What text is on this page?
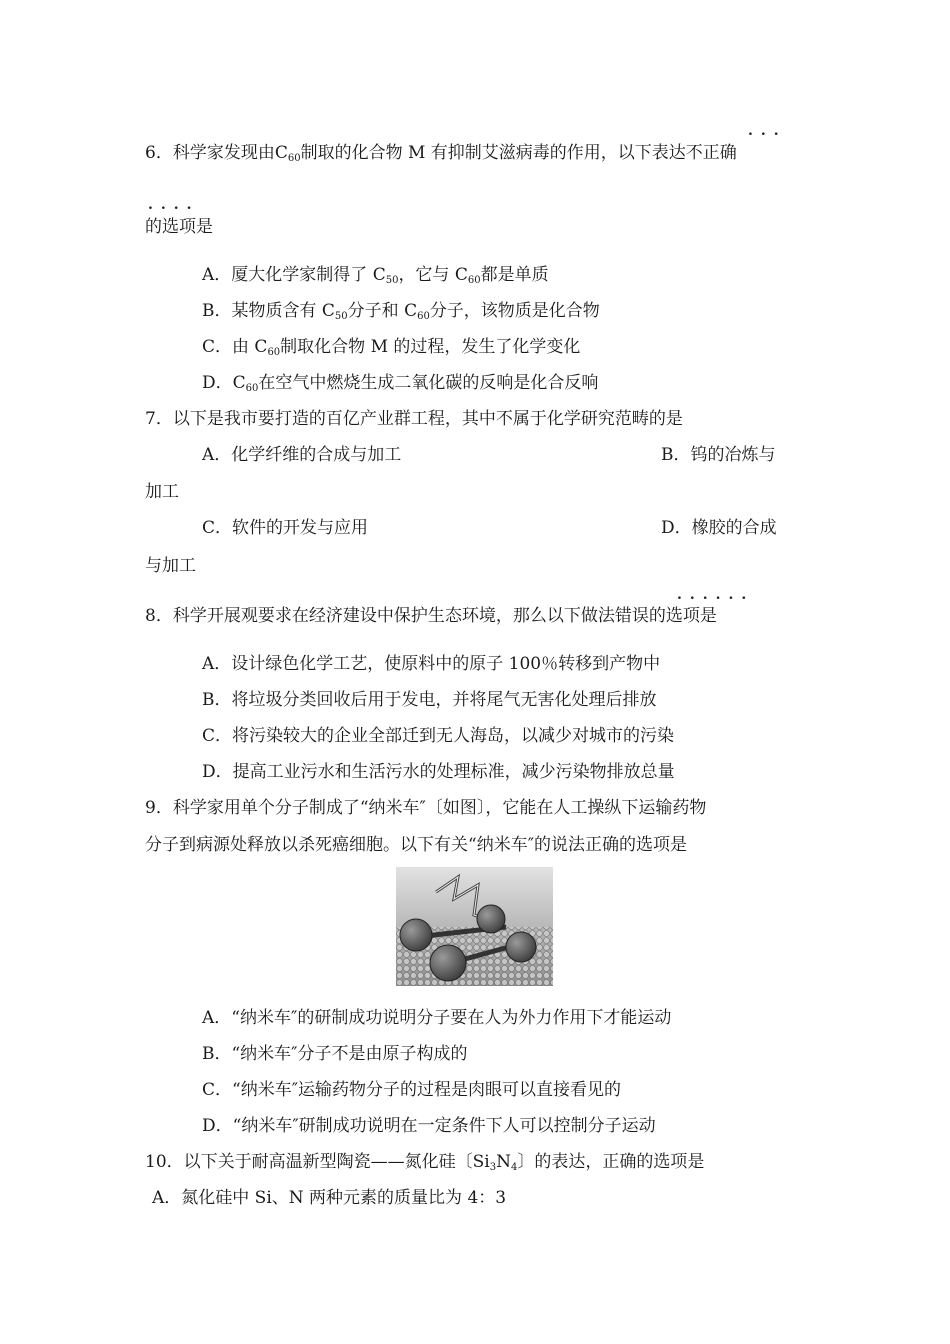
...
6．科学家发现由$C_{60}$制取的化合物 M 有抑制艾滋病毒的作用，以下表达不正确
....
的选项是
A．厦大化学家制得了 $C_{50}$，它与 $C_{60}$都是单质
B．某物质含有 $C_{50}$分子和 $C_{60}$分子，该物质是化合物
C．由 $C_{60}$制取化合物 M 的过程，发生了化学变化
D．$C_{60}$在空气中燃烧生成二氧化碳的反响是化合反响
7．以下是我市要打造的百亿产业群工程，其中不属于化学研究范畴的是
A．化学纤维的合成与加工	B．钨的冶炼与
加工
C．软件的开发与应用	D．橡胶的合成
与加工
......
8．科学开展观要求在经济建设中保护生态环境，那么以下做法错误的选项是
A．设计绿色化学工艺，使原料中的原子 100％转移到产物中
B．将垃圾分类回收后用于发电，并将尾气无害化处理后排放
C．将污染较大的企业全部迁到无人海岛，以减少对城市的污染
D．提高工业污水和生活污水的处理标准，减少污染物排放总量
9．科学家用单个分子制成了“纳米车″〔如图〕，它能在人工操纵下运输药物
分子到病源处释放以杀死癌细胞。以下有关“纳米车″的说法正确的选项是
A．“纳米车″的研制成功说明分子要在人为外力作用下才能运动
B．“纳米车″分子不是由原子构成的
C．“纳米车″运输药物分子的过程是肉眼可以直接看见的
D．“纳米车″研制成功说明在一定条件下人可以控制分子运动
10．以下关于耐高温新型陶瓷——氮化硅〔$Si_3N_4$〕的表达，正确的选项是
A．氮化硅中 Si、N 两种元素的质量比为 4：3
